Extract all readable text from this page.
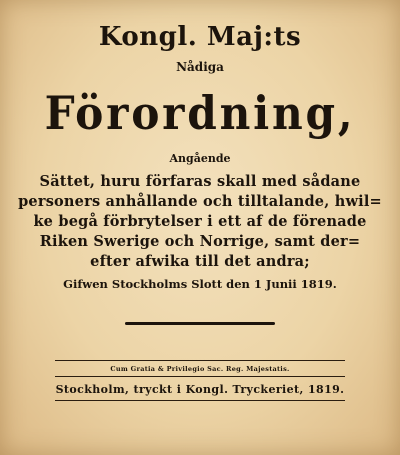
Kongl. Maj:ts
Nådiga
Förordning,
Angående
Sättet, huru förfaras skall med sådane
personers anhållande och tilltalande, hwil=
ke begå förbrytelser i ett af de förenade
Riken Swerige och Norrige, samt der=
efter afwika till det andra;
Gifwen Stockholms Slott den 1 Junii 1819.
Cum Gratia & Privilegio Sac. Reg. Majestatis.
Stockholm, tryckt i Kongl. Tryckeriet, 1819.
